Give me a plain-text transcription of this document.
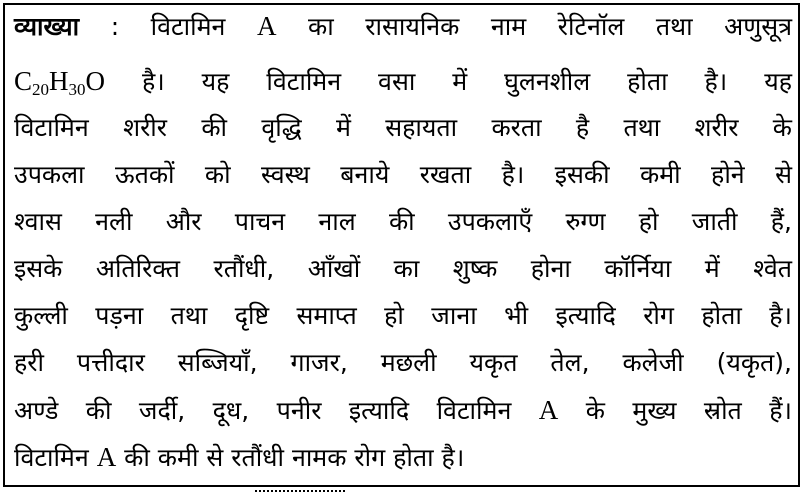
व्याख्या : विटामिन A का रासायनिक नाम रेटिनॉल तथा अणुसूत्र
$C_{20}H_{30}O$ है। यह विटामिन वसा में घुलनशील होता है। यह
विटामिन शरीर की वृद्धि में सहायता करता है तथा शरीर के
उपकला ऊतकों को स्वस्थ बनाये रखता है। इसकी कमी होने से
श्वास नली और पाचन नाल की उपकलाएँ रुग्ण हो जाती हैं,
इसके अतिरिक्त रतौंधी, आँखों का शुष्क होना कॉर्निया में श्वेत
कुल्ली पड़ना तथा दृष्टि समाप्त हो जाना भी इत्यादि रोग होता है।
हरी पत्तीदार सब्जियाँ, गाजर, मछली यकृत तेल, कलेजी (यकृत),
अण्डे की जर्दी, दूध, पनीर इत्यादि विटामिन A के मुख्य स्रोत हैं।
विटामिन A की कमी से रतौंधी नामक रोग होता है।
